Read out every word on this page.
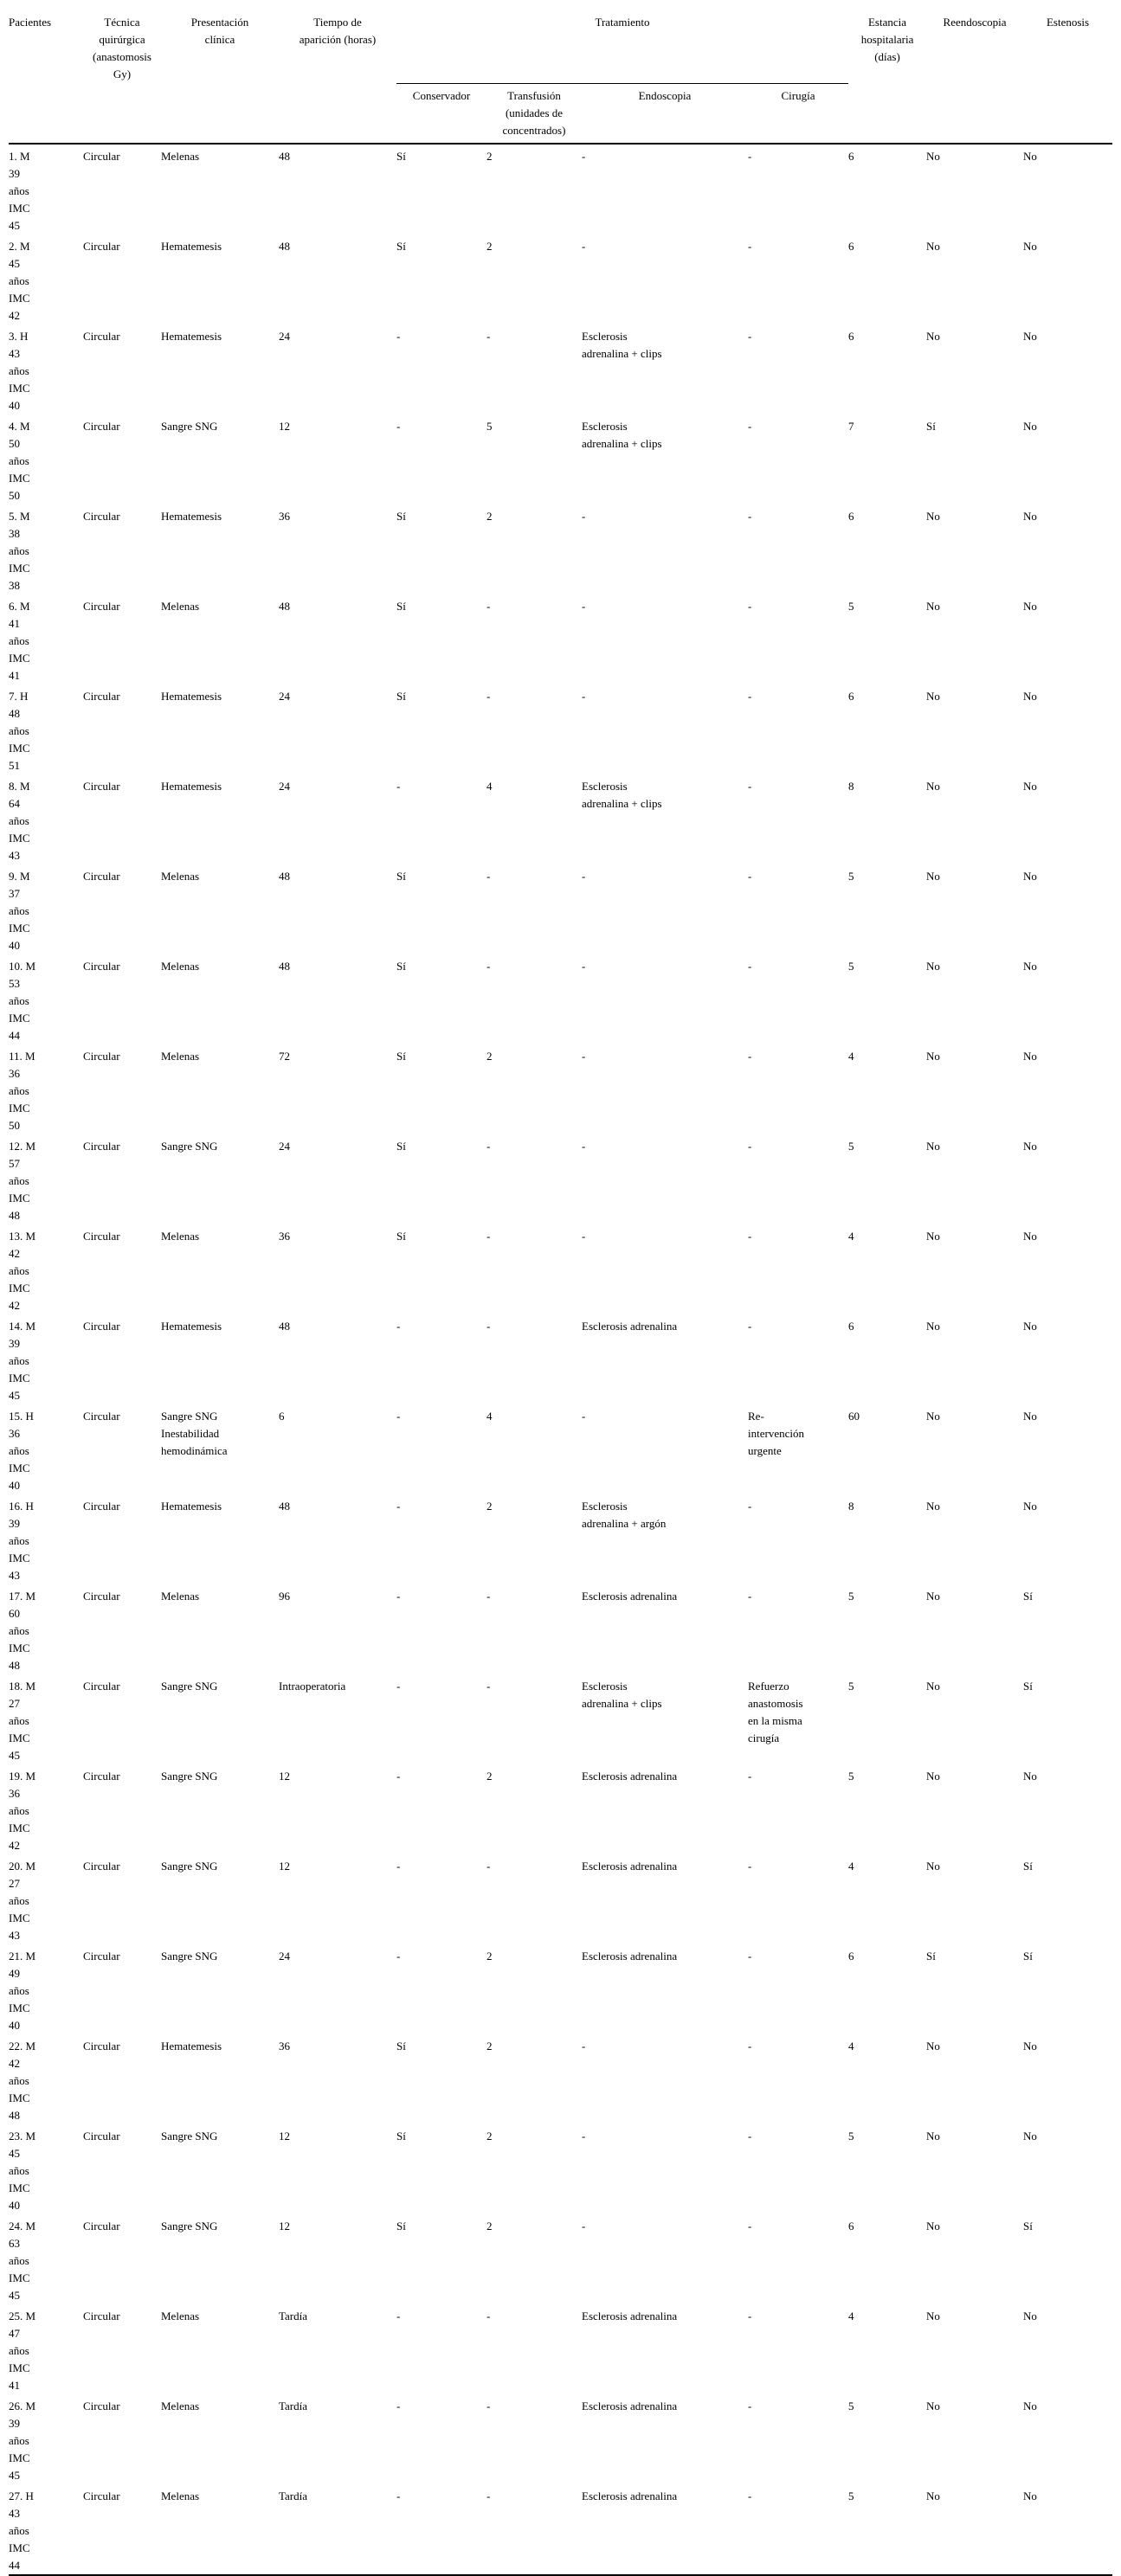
Pacientes	Técnica
quirúrgica
(anastomosis
Gy)	Presentación
clínica	Tiempo de
aparición (horas)	Tratamiento				Estancia
hospitalaria
(días)	Reendoscopia	Estenosis
				Conservador	Transfusión
(unidades de
concentrados)	Endoscopia	Cirugía			
1. M
39
años
IMC
45	Circular	Melenas	48	Sí	2	-	-	6	No	No
2. M
45
años
IMC
42	Circular	Hematemesis	48	Sí	2	-	-	6	No	No
3. H
43
años
IMC
40	Circular	Hematemesis	24	-	-	Esclerosis
adrenalina + clips	-	6	No	No
4. M
50
años
IMC
50	Circular	Sangre SNG	12	-	5	Esclerosis
adrenalina + clips	-	7	Sí	No
5. M
38
años
IMC
38	Circular	Hematemesis	36	Sí	2	-	-	6	No	No
6. M
41
años
IMC
41	Circular	Melenas	48	Sí	-	-	-	5	No	No
7. H
48
años
IMC
51	Circular	Hematemesis	24	Sí	-	-	-	6	No	No
8. M
64
años
IMC
43	Circular	Hematemesis	24	-	4	Esclerosis
adrenalina + clips	-	8	No	No
9. M
37
años
IMC
40	Circular	Melenas	48	Sí	-	-	-	5	No	No
10. M
53
años
IMC
44	Circular	Melenas	48	Sí	-	-	-	5	No	No
11. M
36
años
IMC
50	Circular	Melenas	72	Sí	2	-	-	4	No	No
12. M
57
años
IMC
48	Circular	Sangre SNG	24	Sí	-	-	-	5	No	No
13. M
42
años
IMC
42	Circular	Melenas	36	Sí	-	-	-	4	No	No
14. M
39
años
IMC
45	Circular	Hematemesis	48	-	-	Esclerosis adrenalina	-	6	No	No
15. H
36
años
IMC
40	Circular	Sangre SNG
Inestabilidad
hemodinámica	6	-	4	-	Re-
intervención
urgente	60	No	No
16. H
39
años
IMC
43	Circular	Hematemesis	48	-	2	Esclerosis
adrenalina + argón	-	8	No	No
17. M
60
años
IMC
48	Circular	Melenas	96	-	-	Esclerosis adrenalina	-	5	No	Sí
18. M
27
años
IMC
45	Circular	Sangre SNG	Intraoperatoria	-	-	Esclerosis
adrenalina + clips	Refuerzo
anastomosis
en la misma
cirugía	5	No	Sí
19. M
36
años
IMC
42	Circular	Sangre SNG	12	-	2	Esclerosis adrenalina	-	5	No	No
20. M
27
años
IMC
43	Circular	Sangre SNG	12	-	-	Esclerosis adrenalina	-	4	No	Sí
21. M
49
años
IMC
40	Circular	Sangre SNG	24	-	2	Esclerosis adrenalina	-	6	Sí	Sí
22. M
42
años
IMC
48	Circular	Hematemesis	36	Sí	2	-	-	4	No	No
23. M
45
años
IMC
40	Circular	Sangre SNG	12	Sí	2	-	-	5	No	No
24. M
63
años
IMC
45	Circular	Sangre SNG	12	Sí	2	-	-	6	No	Sí
25. M
47
años
IMC
41	Circular	Melenas	Tardía	-	-	Esclerosis adrenalina	-	4	No	No
26. M
39
años
IMC
45	Circular	Melenas	Tardía	-	-	Esclerosis adrenalina	-	5	No	No
27. H
43
años
IMC
44	Circular	Melenas	Tardía	-	-	Esclerosis adrenalina	-	5	No	No
